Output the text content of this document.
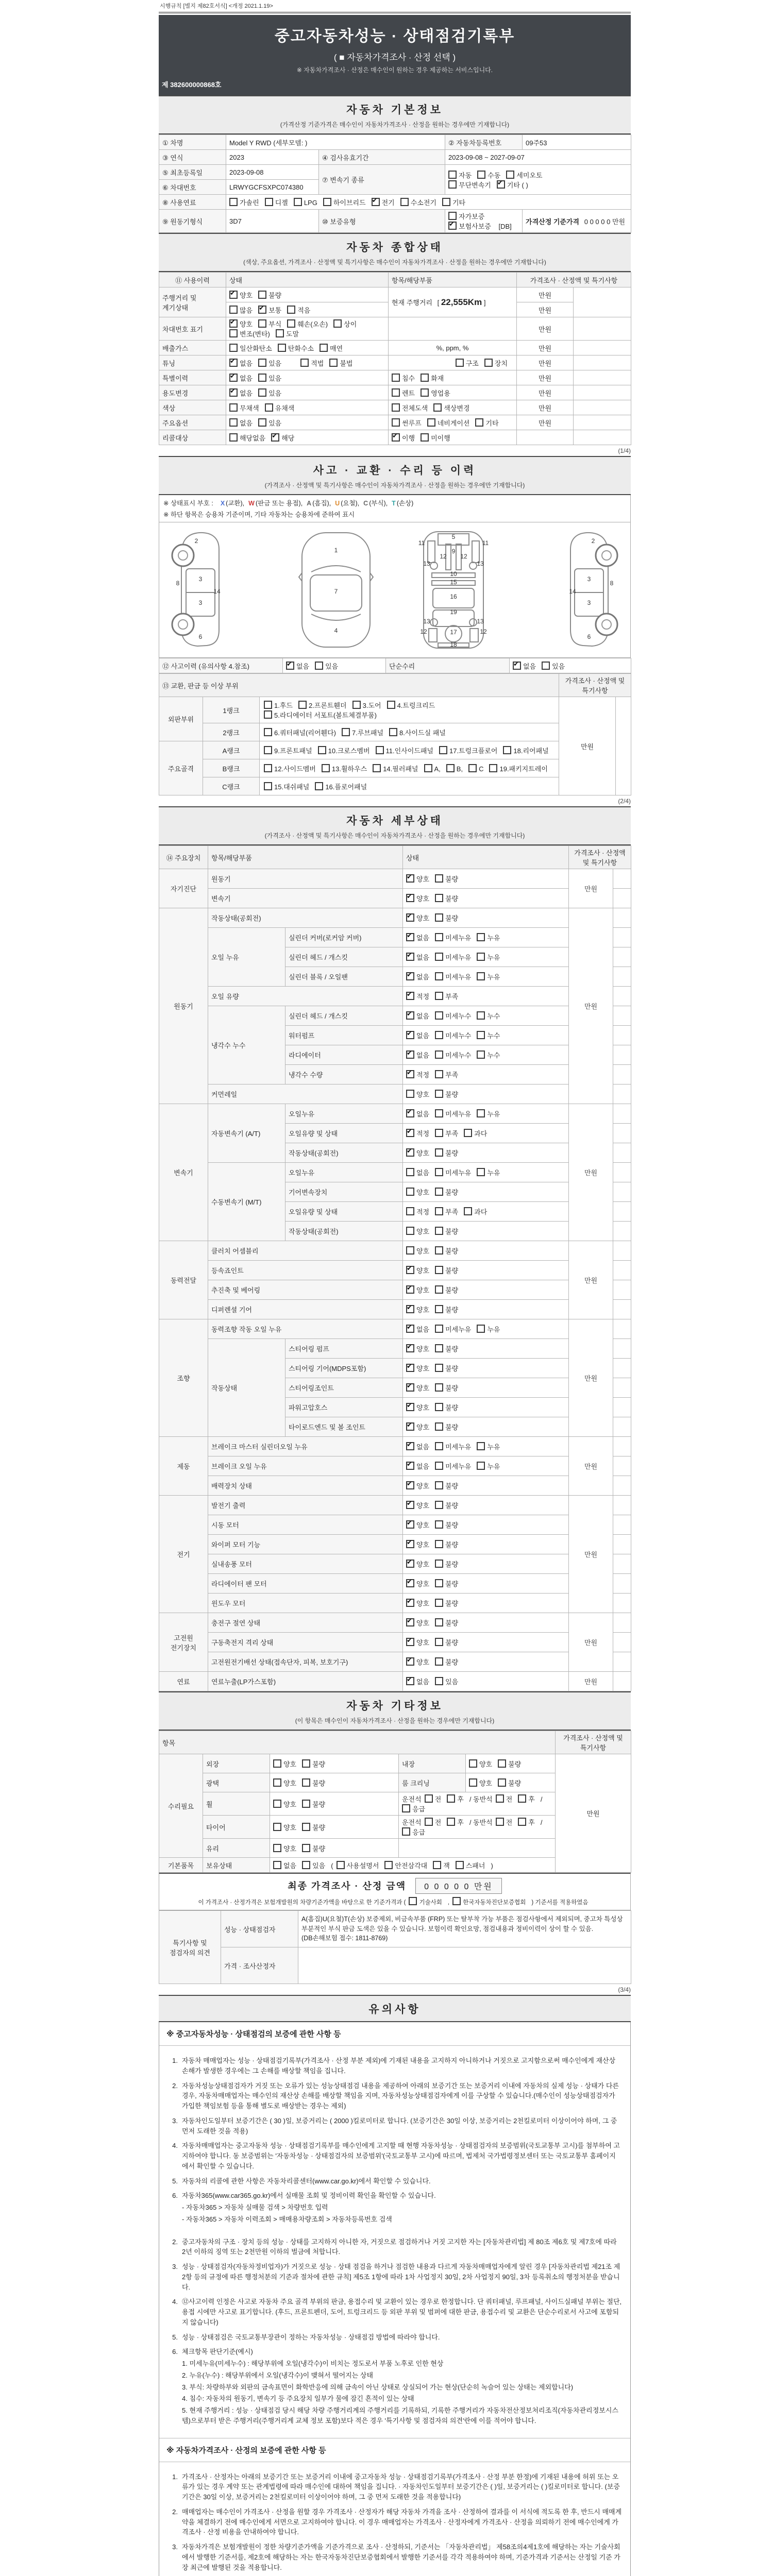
시행규칙 [별지 제82호서식] <개정 2021.1.19>
중고자동차성능 · 상태점검기록부
( ■ 자동차가격조사 · 산정 선택 )
※ 자동차가격조사 · 산정은 매수인이 원하는 경우 제공하는 서비스입니다.
제 382600000868호
자동차 기본정보
(가격산정 기준가격은 매수인이 자동차가격조사 · 산정을 원하는 경우에만 기재합니다)
① 차명	Model Y RWD (세부모델: )		② 자동차등록번호	09주53
③ 연식	2023	④ 검사유효기간	2023-09-08 ~ 2027-09-07	
⑤ 최초등록일	2023-09-08	⑦ 변속기 종류	자동 수동 세미오토
무단변속기 ✔ 기타 ( )
⑥ 차대번호	LRWYGCFSXPC074380			
⑧ 사용연료	가솔린 디젤 LPG 하이브리드 ✔ 전기 수소전기 기타
⑨ 원동기형식	3D7	⑩ 보증유형	자가보증✔보험사보증 [DB]	가격산정 기준가격 0 0 0 0 0 만원
자동차 종합상태
(색상, 주요옵션, 가격조사 · 산정액 및 특기사항은 매수인이 자동차가격조사 · 산정을 원하는 경우에만 기재합니다)
⑪ 사용이력	상태	항목/해당부품	가격조사 · 산정액 및 특기사항	
주행거리 및 계기상태	✔양호 불량	현재 주행거리 [ 22,555Km ]	만원	
	많음 ✔ 보통 적음		만원	
차대번호 표기	✔양호 부식 훼손(오손) 상이변조(변타) 도말		만원	
배출가스	일산화탄소 탄화수소 매연	%, ppm, %	만원	
튜닝	✔없음 있음 적법 불법	구조 장치	만원	
특별이력	✔없음 있음	침수 화재	만원	
용도변경	✔없음 있음	렌트 영업용	만원	
색상	무채색 유채색	전체도색 색상변경	만원	
주요옵션	없음 있음	썬루프 네비게이션 기타	만원	
리콜대상	해당없음 ✔ 해당	✔이행 미이행		
(1/4)
사고 · 교환 · 수리 등 이력
(가격조사 · 산정액 및 특기사항은 매수인이 자동차가격조사 · 산정을 원하는 경우에만 기재합니다)
※ 상태표시 부호 : X (교환), W (판금 또는 용접), A (흠집), U (요철), C (부식), T (손상)
※ 하단 항목은 승용차 기준이며, 기타 자동차는 승용차에 준하여 표시
2
8
3
14
3
6
1
7
4
5
11	11
9
12 12
13	13
10
15
16
19
13	13
12	12
17
18
2
8
3
14
3
6
⑫ 사고이력 (유의사항 4.참조)	✔없음 있음	단순수리	✔없음 있음
⑬ 교환, 판금 등 이상 부위			가격조사 · 산정액 및 특기사항	
외판부위	1랭크	1.후드 2.프론트휀더 3.도어 4.트렁크리드5.라디에이터 서포트(볼트체결부품)	만원	
	2랭크	6.쿼터패널(리어휀다) 7.루브패널 8.사이드실 패널		
주요골격	A랭크	9.프론트패널 10.크로스멤버 11.인사이드패널 17.트렁크플로어 18.리어패널		
	B랭크	12.사이드멤버 13.휠하우스 14.필러패널 A, B, C 19.패키지트레이		
	C랭크	15.대쉬패널 16.플로어패널		
(2/4)
자동차 세부상태
(가격조사 · 산정액 및 특기사항은 매수인이 자동차가격조사 · 산정을 원하는 경우에만 기재합니다)
⑭ 주요장치	항목/해당부품		상태	가격조사 · 산정액 및 특기사항	
자기진단	원동기	✔양호 불량	만원	
	변속기	✔양호 불량	
원동기	작동상태(공회전)	✔양호 불량	만원	
	오일 누유	실린더 커버(로커암 커버)	✔없음 미세누유 누유	
		실린더 헤드 / 개스킷	✔없음 미세누유 누유	
		실린더 블록 / 오일팬	✔없음 미세누유 누유	
	오일 유량	✔적정 부족	
	냉각수 누수	실린더 헤드 / 개스킷	✔없음 미세누수 누수	
		워터펌프	✔없음 미세누수 누수	
		라디에이터	✔없음 미세누수 누수	
		냉각수 수량	✔적정 부족	
	커먼레일		양호 불량		
변속기	자동변속기 (A/T)	오일누유	✔없음 미세누유 누유	만원	
		오일유량 및 상태	✔적정 부족 과다	
		작동상태(공회전)	✔양호 불량	
	수동변속기 (M/T)	오일누유	없음 미세누유 누유		
		기어변속장치	양호 불량		
		오일유량 및 상태	적정 부족 과다		
		작동상태(공회전)	양호 불량		
동력전달	클러치 어셈블리		양호 불량	만원	
	등속죠인트	✔양호 불량	
	추진축 및 베어링	✔양호 불량	
	디퍼렌셜 기어	✔양호 불량	
조향	동력조향 작동 오일 누유	✔없음 미세누유 누유	만원	
	작동상태	스티어링 펌프	✔양호 불량	
		스티어링 기어(MDPS포함)	✔양호 불량	
		스티어링조인트	✔양호 불량	
		파워고압호스	✔양호 불량	
		타이로드엔드 및 볼 조인트	✔양호 불량	
제동	브레이크 마스터 실린더오일 누유	✔없음 미세누유 누유	만원	
	브레이크 오일 누유	✔없음 미세누유 누유	
	배력장치 상태	✔양호 불량	
전기	발전기 출력	✔양호 불량	만원	
	시동 모터	✔양호 불량	
	와이퍼 모터 기능	✔양호 불량	
	실내송풍 모터	✔양호 불량	
	라디에이터 팬 모터	✔양호 불량	
	윈도우 모터	✔양호 불량	
고전원 전기장치	충전구 절연 상태	✔양호 불량	만원	
	구동축전지 격리 상태	✔양호 불량	
	고전원전기배선 상태(접속단자, 피복, 보호기구)	✔양호 불량	
연료	연료누출(LP가스포함)	✔없음 있음	만원	
자동차 기타정보
(이 항목은 매수인이 자동차가격조사 · 산정을 원하는 경우에만 기재합니다)
항목					가격조사 · 산정액 및 특기사항
수리필요	외장	양호 불량	내장	양호 불량	만원
	광택	양호 불량	룸 크리닝	양호 불량	
	휠	양호 불량	운전석 전 후 / 동반석 전 후 /응급		
	타이어	양호 불량	운전석 전 후 / 동반석 전 후 /응급		
	유리	양호 불량			
기본품목	보유상태	없음 있음 ( 사용설명서 안전삼각대 잭 스패너 )			
최종 가격조사 · 산정 금액 0 0 0 0 0 만원
이 가격조사 · 산정가격은 보험개발원의 차량기준가액을 바탕으로 한 기준가격과 ( 기술사회 , 한국자동차진단보증협회 ) 기준서를 적용하였음
특기사항 및 점검자의 의견	성능 · 상태점검자	A(흠집)U(요철)T(손상) 보증제외, 비금속부품 (FRP) 또는 탈부착 가능 부품은 점검사항에서 제외되며, 중고차 특성상 부분적인 부식 판금 도색은 있을 수 있습니다. 보험이력 확인요망, 점검내용과 정비이력이 상이 할 수 있음. (DB손해보험 접수: 1811-8769)
	가격 · 조사산정자	
(3/4)
유의사항
※ 중고자동차성능 · 상태점검의 보증에 관한 사항 등
1. 자동차 매매업자는 성능 · 상태점검기록부(가격조사 · 산정 부분 제외)에 기재된 내용을 고지하지 아니하거나 거짓으로 고지함으로써 매수인에게 재산상 손해가 발생한 경우에는 그 손해를 배상할 책임을 집니다.
2. 자동차성능상태점검자가 거짓 또는 오류가 있는 성능상태점검 내용을 제공하여 아래의 보증기간 또는 보증거리 이내에 자동차의 실제 성능 · 상태가 다른 경우, 자동차매매업자는 매수인의 재산상 손해를 배상할 책임을 지며, 자동차성능상태점검자에게 이를 구상할 수 있습니다.(매수인이 성능상태점검자가 가입한 책임보험 등을 통해 별도로 배상받는 경우는 제외)
3. 자동차인도일부터 보증기간은 ( 30 )일, 보증거리는 ( 2000 )킬로미터로 합니다. (보증기간은 30일 이상, 보증거리는 2천킬로미터 이상이어야 하며, 그 중 먼저 도래한 것을 적용)
4. 자동차매매업자는 중고자동차 성능 · 상태점검기록부를 매수인에게 고지할 때 현행 자동차성능 · 상태점검자의 보증범위(국토교통부 고시)를 첨부하여 고지하여야 합니다. 동 보증범위는 '자동차성능 · 상태점검자의 보증범위'(국토교통부 고시)에 따르며, 법제처 국가법령정보센터 또는 국토교통부 홈페이지에서 확인할 수 있습니다.
5. 자동차의 리콜에 관한 사항은 자동차리콜센터(www.car.go.kr)에서 확인할 수 있습니다.
6. 자동차365(www.car365.go.kr)에서 실매물 조회 및 정비이력 확인을 확인할 수 있습니다.
- 자동차365 > 자동차 실매물 검색 > 차량번호 입력
- 자동차365 > 자동차 이력조회 > 매매용차량조회 > 자동차등록번호 검색
2. 중고자동차의 구조 · 장치 등의 성능 · 상태를 고지하지 아니한 자, 거짓으로 점검하거나 거짓 고지한 자는 [자동차관리법] 제 80조 제6호 및 제7호에 따라 2년 이하의 징역 또는 2천만원 이하의 벌금에 처합니다.
3. 성능 · 상태점검자(자동차정비업자)가 거짓으로 성능 · 상태 점검을 하거나 점검한 내용과 다르게 자동차매매업자에게 알린 경우 [자동차관리법 제21조 제2항 등의 규정에 따른 행정처분의 기준과 절차에 관한 규칙] 제5조 1항에 따라 1차 사업정지 30일, 2차 사업정지 90일, 3차 등록취소의 행정처분을 받습니다.
4. ⑫사고이력 인정은 사고로 자동차 주요 골격 부위의 판금, 용접수리 및 교환이 있는 경우로 한정합니다. 단 쿼터패널, 루프패널, 사이드실패널 부위는 절단, 용접 시에만 사고로 표기합니다. (후드, 프론트펜더, 도어, 트렁크리드 등 외판 부위 및 범퍼에 대한 판금, 용접수리 및 교환은 단순수리로서 사고에 포함되지 않습니다)
5. 성능 · 상태점검은 국토교통부장관이 정하는 자동차성능 · 상태점검 방법에 따라야 합니다.
6. 체크항목 판단기준(예시)
1. 미세누유(미세누수) : 해당부위에 오일(냉각수)이 비치는 정도로서 부품 노후로 인한 현상
2. 누유(누수) : 해당부위에서 오일(냉각수)이 맺혀서 떨어지는 상태
3. 부식: 차량하부와 외판의 금속표면이 화학반응에 의해 금속이 아닌 상태로 상실되어 가는 현상(단순히 녹슬어 있는 상태는 제외합니다)
4. 침수: 자동차의 원동기, 변속기 등 주요장치 일부가 물에 잠긴 흔적이 있는 상태
5. 현재 주행거리 : 성능 · 상태점검 당시 해당 차량 주행거리계의 주행거리를 기록하되, 기록한 주행거리가 자동차전산정보처리조직(자동차관리정보시스템)으로부터 받은 주행거리(주행거리계 교체 정보 포함)보다 적은 경우 '특기사항 및 점검자의 의견'란에 이를 적어야 합니다.
※ 자동차가격조사 · 산정의 보증에 관한 사항 등
1. 가격조사 · 산정자는 아래의 보증기간 또는 보증거리 이내에 중고자동차 성능 · 상태점검기록부(가격조사 · 산정 부분 한정)에 기재된 내용에 허위 또는 오류가 있는 경우 계약 또는 관계법령에 따라 매수인에 대하여 책임을 집니다. · 자동차인도일부터 보증기간은 ( )일, 보증거리는 ( )킬로미터로 합니다. (보증기간은 30일 이상, 보증거리는 2천킬로미터 이상이어야 하며, 그 중 먼저 도래한 것을 적용합니다)
2. 매매업자는 매수인이 가격조사 · 산정을 원할 경우 가격조사 · 산정자가 해당 자동차 가격을 조사 · 산정하여 결과를 이 서식에 적도록 한 후, 반드시 매매계약을 체결하기 전에 매수인에게 서면으로 고지하여야 합니다. 이 경우 매매업자는 가격조사 · 산정자에게 가격조사 · 산정을 의뢰하기 전에 매수인에게 가격조사 · 산정 비용을 안내하여야 합니다.
3. 자동차가격은 보험개발원이 정한 차량기준가액을 기준가격으로 조사 · 산정하되, 기준서는 「자동차관리법」 제58조의4제1호에 해당하는 자는 기술사회에서 발행한 기준서를, 제2호에 해당하는 자는 한국자동차진단보증협회에서 발행한 기준서를 각각 적용하여야 하며, 기준가격과 기준서는 산정일 기준 가장 최근에 발행된 것을 적용합니다.
